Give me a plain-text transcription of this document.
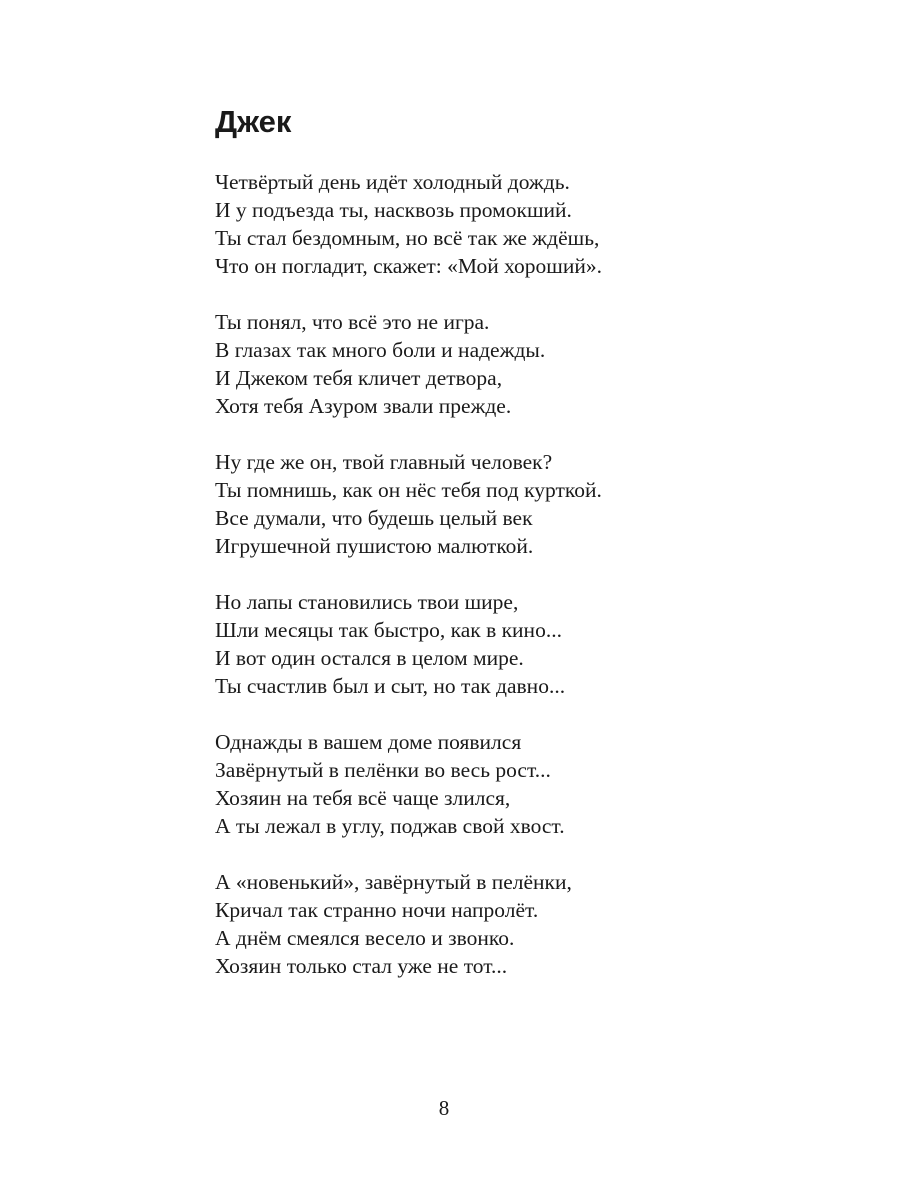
Джек
Четвёртый день идёт холодный дождь.
И у подъезда ты, насквозь промокший.
Ты стал бездомным, но всё так же ждёшь,
Что он погладит, скажет: «Мой хороший».
Ты понял, что всё это не игра.
В глазах так много боли и надежды.
И Джеком тебя кличет детвора,
Хотя тебя Азуром звали прежде.
Ну где же он, твой главный человек?
Ты помнишь, как он нёс тебя под курткой.
Все думали, что будешь целый век
Игрушечной пушистою малюткой.
Но лапы становились твои шире,
Шли месяцы так быстро, как в кино...
И вот один остался в целом мире.
Ты счастлив был и сыт, но так давно...
Однажды в вашем доме появился
Завёрнутый в пелёнки во весь рост...
Хозяин на тебя всё чаще злился,
А ты лежал в углу, поджав свой хвост.
А «новенький», завёрнутый в пелёнки,
Кричал так странно ночи напролёт.
А днём смеялся весело и звонко.
Хозяин только стал уже не тот...
8
